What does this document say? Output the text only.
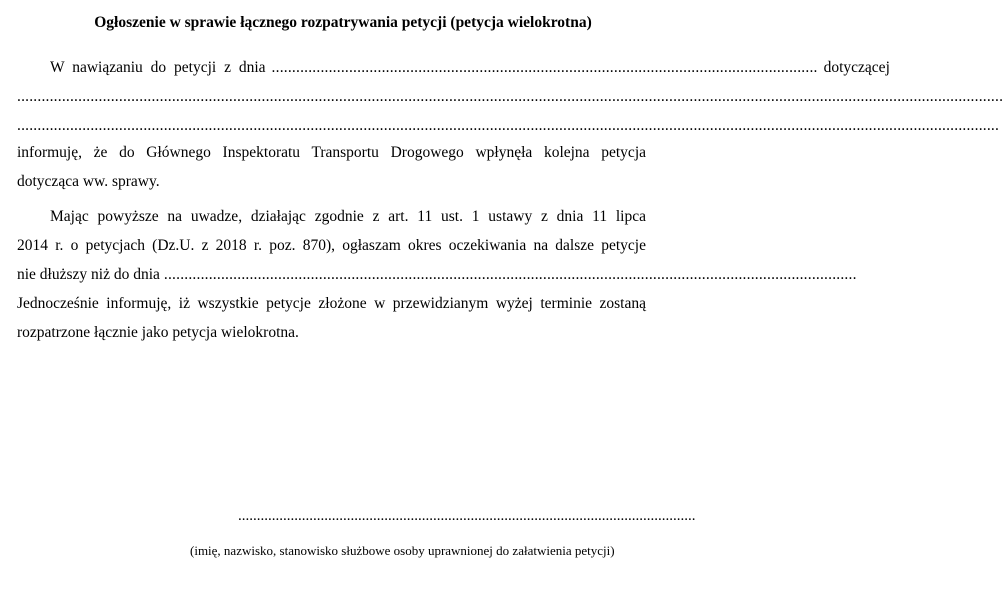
Ogłoszenie w sprawie łącznego rozpatrywania petycji (petycja wielokrotna)
W nawiązaniu do petycji z dnia ...................................................................................................................................... dotyczącej
..................................................................................................................................................................................................................................................
.................................................................................................................................................................................................................................................
informuję, że do Głównego Inspektoratu Transportu Drogowego wpłynęła kolejna petycja
dotycząca ww. sprawy.
Mając powyższe na uwadze, działając zgodnie z art. 11 ust. 1 ustawy z dnia 11 lipca
2014 r. o petycjach (Dz.U. z 2018 r. poz. 870), ogłaszam okres oczekiwania na dalsze petycje
nie dłuższy niż do dnia ..........................................................................................................................................................................
Jednocześnie informuję, iż wszystkie petycje złożone w przewidzianym wyżej terminie zostaną
rozpatrzone łącznie jako petycja wielokrotna.
..........................................................................................................................
(imię, nazwisko, stanowisko służbowe osoby uprawnionej do załatwienia petycji)
